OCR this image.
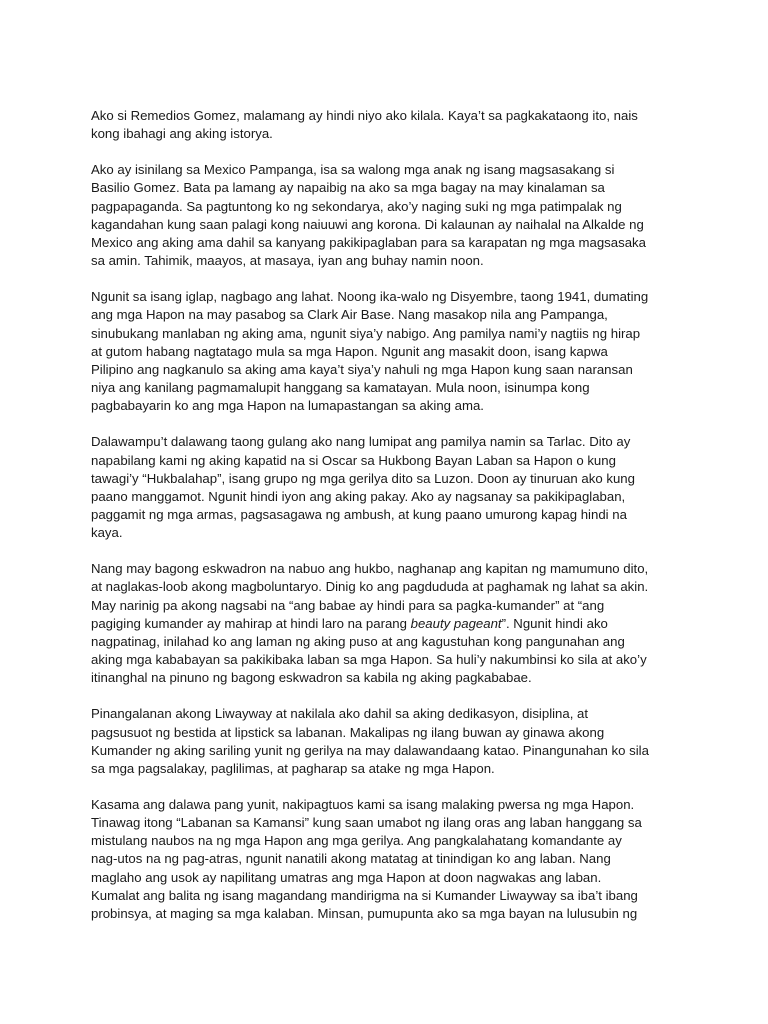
Ako si Remedios Gomez, malamang ay hindi niyo ako kilala. Kaya’t sa pagkakataong ito, nais
kong ibahagi ang aking istorya.

Ako ay isinilang sa Mexico Pampanga, isa sa walong mga anak ng isang magsasakang si
Basilio Gomez. Bata pa lamang ay napaibig na ako sa mga bagay na may kinalaman sa
pagpapaganda. Sa pagtuntong ko ng sekondarya, ako’y naging suki ng mga patimpalak ng
kagandahan kung saan palagi kong naiuuwi ang korona. Di kalaunan ay naihalal na Alkalde ng
Mexico ang aking ama dahil sa kanyang pakikipaglaban para sa karapatan ng mga magsasaka
sa amin. Tahimik, maayos, at masaya, iyan ang buhay namin noon.

Ngunit sa isang iglap, nagbago ang lahat. Noong ika-walo ng Disyembre, taong 1941, dumating
ang mga Hapon na may pasabog sa Clark Air Base. Nang masakop nila ang Pampanga,
sinubukang manlaban ng aking ama, ngunit siya’y nabigo. Ang pamilya nami’y nagtiis ng hirap
at gutom habang nagtatago mula sa mga Hapon. Ngunit ang masakit doon, isang kapwa
Pilipino ang nagkanulo sa aking ama kaya’t siya’y nahuli ng mga Hapon kung saan naransan
niya ang kanilang pagmamalupit hanggang sa kamatayan. Mula noon, isinumpa kong
pagbabayarin ko ang mga Hapon na lumapastangan sa aking ama.

Dalawampu’t dalawang taong gulang ako nang lumipat ang pamilya namin sa Tarlac. Dito ay
napabilang kami ng aking kapatid na si Oscar sa Hukbong Bayan Laban sa Hapon o kung
tawagi’y “Hukbalahap”, isang grupo ng mga gerilya dito sa Luzon. Doon ay tinuruan ako kung
paano manggamot. Ngunit hindi iyon ang aking pakay. Ako ay nagsanay sa pakikipaglaban,
paggamit ng mga armas, pagsasagawa ng ambush, at kung paano umurong kapag hindi na
kaya.

Nang may bagong eskwadron na nabuo ang hukbo, naghanap ang kapitan ng mamumuno dito,
at naglakas-loob akong magboluntaryo. Dinig ko ang pagdududa at paghamak ng lahat sa akin.
May narinig pa akong nagsabi na “ang babae ay hindi para sa pagka-kumander” at “ang
pagiging kumander ay mahirap at hindi laro na parang beauty pageant”. Ngunit hindi ako
nagpatinag, inilahad ko ang laman ng aking puso at ang kagustuhan kong pangunahan ang
aking mga kababayan sa pakikibaka laban sa mga Hapon. Sa huli’y nakumbinsi ko sila at ako’y
itinanghal na pinuno ng bagong eskwadron sa kabila ng aking pagkababae.

Pinangalanan akong Liwayway at nakilala ako dahil sa aking dedikasyon, disiplina, at
pagsusuot ng bestida at lipstick sa labanan. Makalipas ng ilang buwan ay ginawa akong
Kumander ng aking sariling yunit ng gerilya na may dalawandaang katao. Pinangunahan ko sila
sa mga pagsalakay, paglilimas, at pagharap sa atake ng mga Hapon.

Kasama ang dalawa pang yunit, nakipagtuos kami sa isang malaking pwersa ng mga Hapon.
Tinawag itong “Labanan sa Kamansi” kung saan umabot ng ilang oras ang laban hanggang sa
mistulang naubos na ng mga Hapon ang mga gerilya. Ang pangkalahatang komandante ay
nag-utos na ng pag-atras, ngunit nanatili akong matatag at tinindigan ko ang laban. Nang
maglaho ang usok ay napilitang umatras ang mga Hapon at doon nagwakas ang laban.
Kumalat ang balita ng isang magandang mandirigma na si Kumander Liwayway sa iba’t ibang
probinsya, at maging sa mga kalaban. Minsan, pumupunta ako sa mga bayan na lulusubin ng
